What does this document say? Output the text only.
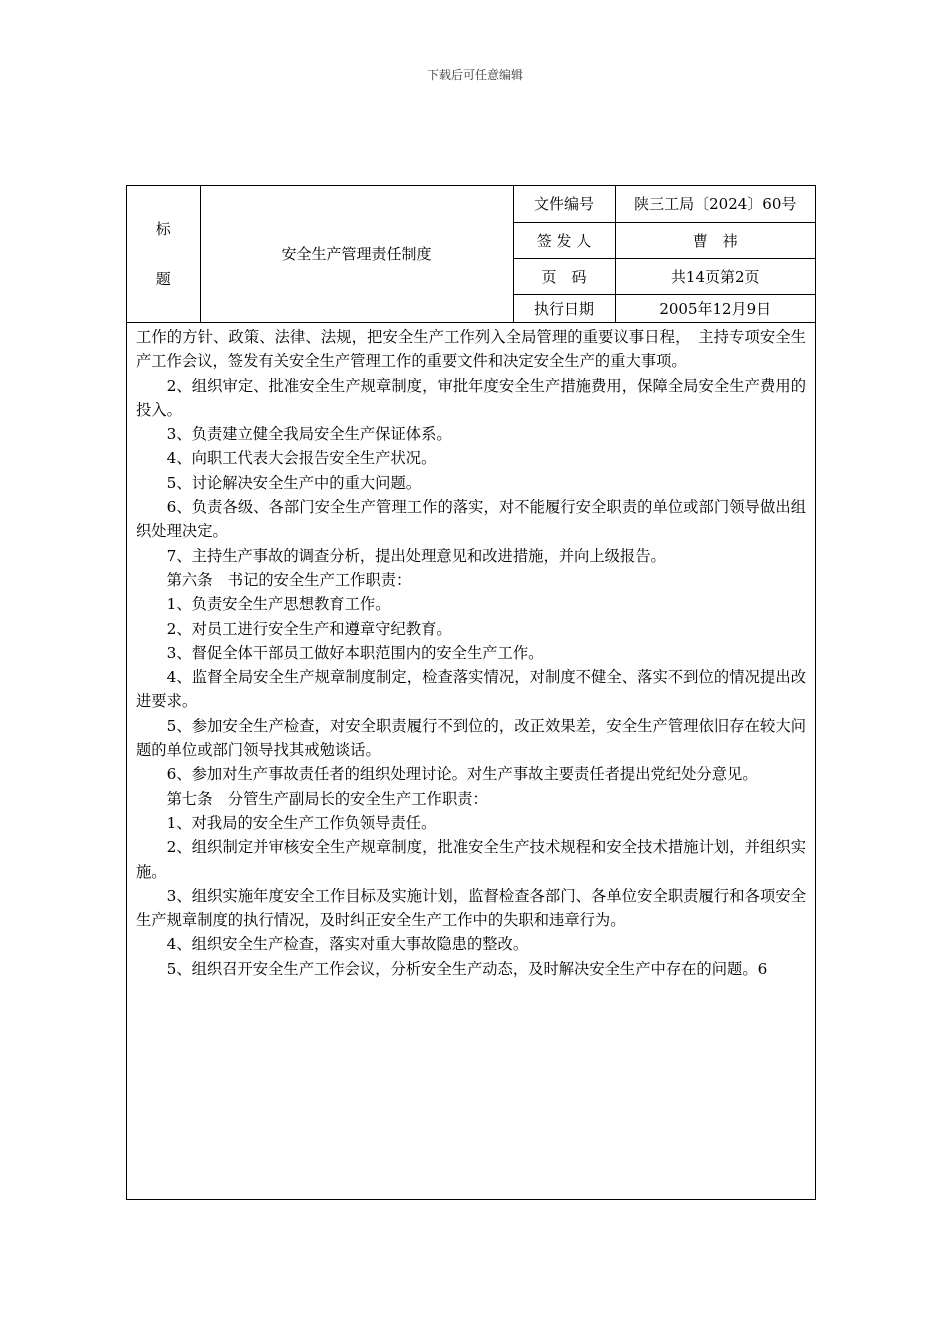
下载后可任意编辑
标
题	安全生产管理责任制度	文件编号	陕三工局〔2024〕60号
		签 发 人	曹　祎
		页　码	共14页第2页
		执行日期	2005年12月9日

工作的方针、政策、法律、法规，把安全生产工作列入全局管理的重要议事日程，　主持专项安全生产工作会议，签发有关安全生产管理工作的重要文件和决定安全生产的重大事项。

2、组织审定、批准安全生产规章制度，审批年度安全生产措施费用，保障全局安全生产费用的投入。

3、负责建立健全我局安全生产保证体系。

4、向职工代表大会报告安全生产状况。

5、讨论解决安全生产中的重大问题。

6、负责各级、各部门安全生产管理工作的落实，对不能履行安全职责的单位或部门领导做出组织处理决定。

7、主持生产事故的调查分析，提出处理意见和改进措施，并向上级报告。

第六条　书记的安全生产工作职责：

1、负责安全生产思想教育工作。

2、对员工进行安全生产和遵章守纪教育。

3、督促全体干部员工做好本职范围内的安全生产工作。

4、监督全局安全生产规章制度制定，检查落实情况，对制度不健全、落实不到位的情况提出改进要求。

5、参加安全生产检查，对安全职责履行不到位的，改正效果差，安全生产管理依旧存在较大问题的单位或部门领导找其戒勉谈话。

6、参加对生产事故责任者的组织处理讨论。对生产事故主要责任者提出党纪处分意见。

第七条　分管生产副局长的安全生产工作职责：

1、对我局的安全生产工作负领导责任。

2、组织制定并审核安全生产规章制度，批准安全生产技术规程和安全技术措施计划，并组织实施。

3、组织实施年度安全工作目标及实施计划，监督检查各部门、各单位安全职责履行和各项安全生产规章制度的执行情况，及时纠正安全生产工作中的失职和违章行为。

4、组织安全生产检查，落实对重大事故隐患的整改。

5、组织召开安全生产工作会议，分析安全生产动态，及时解决安全生产中存在的问题。6
